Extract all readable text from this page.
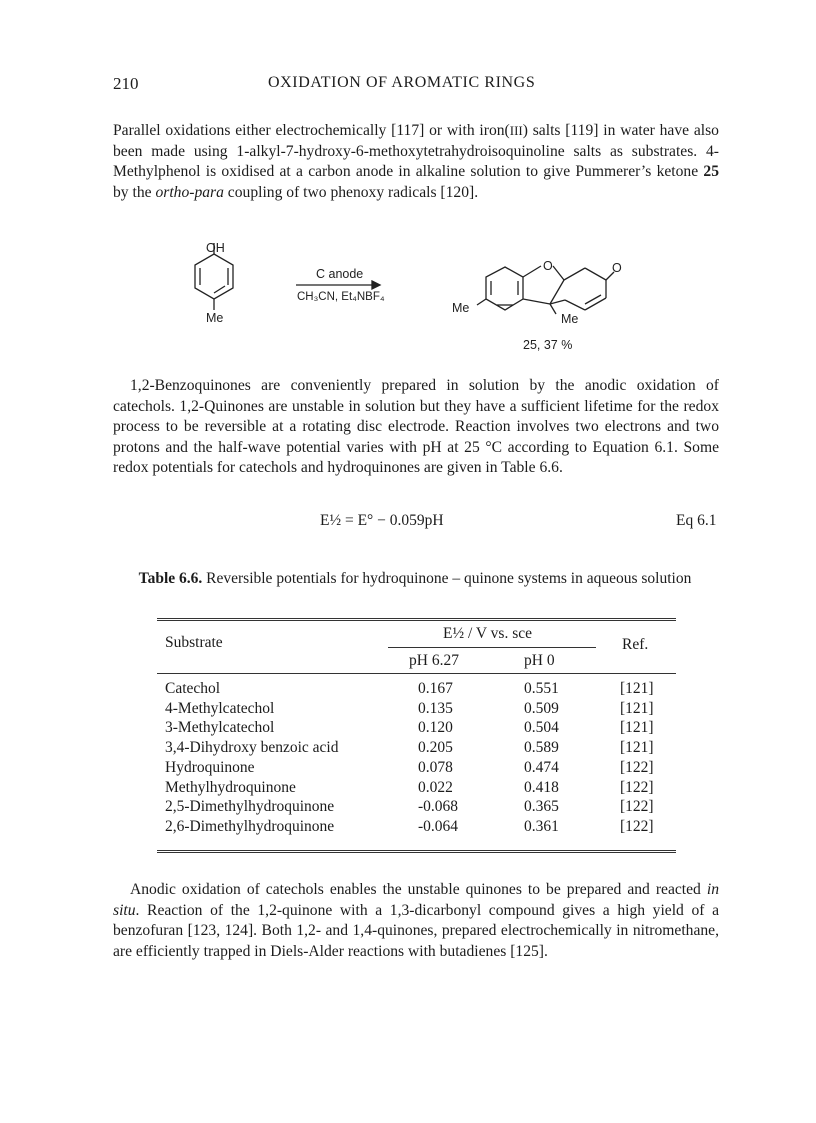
210	OXIDATION OF AROMATIC RINGS

Parallel oxidations either electrochemically [117] or with iron(III) salts [119] in water have also been made using 1-alkyl-7-hydroxy-6-methoxytetrahydroisoquinoline salts as substrates. 4-Methylphenol is oxidised at a carbon anode in alkaline solution to give Pummerer’s ketone 25 by the ortho-para coupling of two phenoxy radicals [120].

OH
Me
C anode
CH₃CN, Et₄NBF₄
O	O
Me
Me
25, 37 %

1,2-Benzoquinones are conveniently prepared in solution by the anodic oxidation of catechols. 1,2-Quinones are unstable in solution but they have a sufficient lifetime for the redox process to be reversible at a rotating disc electrode. Reaction involves two electrons and two protons and the half-wave potential varies with pH at 25 °C according to Equation 6.1. Some redox potentials for catechols and hydroquinones are given in Table 6.6.

E½ = E° − 0.059pH	Eq 6.1
Table 6.6. Reversible potentials for hydroquinone – quinone systems in aqueous solution
Substrate
E½ / V vs. sce
pH 6.27	pH 0
Ref.
Catechol	0.167	0.551	[121]
4-Methylcatechol	0.135	0.509	[121]
3-Methylcatechol	0.120	0.504	[121]
3,4-Dihydroxy benzoic acid	0.205	0.589	[121]
Hydroquinone	0.078	0.474	[122]
Methylhydroquinone	0.022	0.418	[122]
2,5-Dimethylhydroquinone	-0.068	0.365	[122]
2,6-Dimethylhydroquinone	-0.064	0.361	[122]

Anodic oxidation of catechols enables the unstable quinones to be prepared and reacted in situ. Reaction of the 1,2-quinone with a 1,3-dicarbonyl compound gives a high yield of a benzofuran [123, 124]. Both 1,2- and 1,4-quinones, prepared electrochemically in nitromethane, are efficiently trapped in Diels-Alder reactions with butadienes [125].
